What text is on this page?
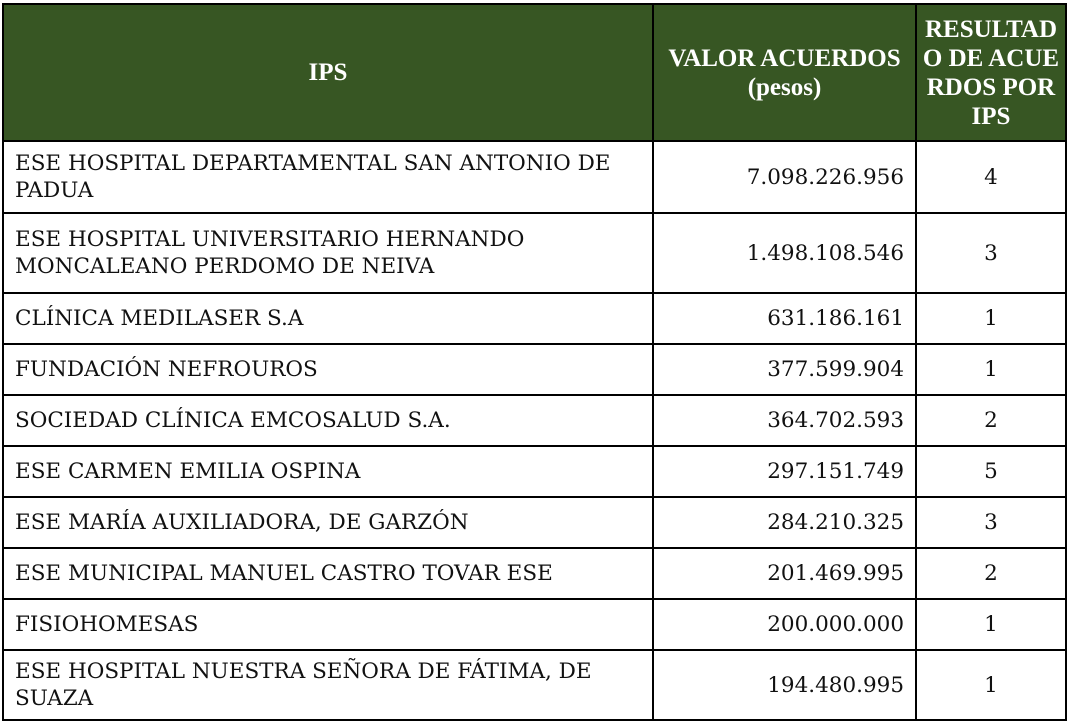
IPS	VALOR ACUERDOS (pesos)	RESULTADO DE ACUERDOS POR IPS
ESE HOSPITAL DEPARTAMENTAL SAN ANTONIO DE PADUA	7.098.226.956	4
ESE HOSPITAL UNIVERSITARIO HERNANDO MONCALEANO PERDOMO DE NEIVA	1.498.108.546	3
CLÍNICA MEDILASER S.A	631.186.161	1
FUNDACIÓN NEFROUROS	377.599.904	1
SOCIEDAD CLÍNICA EMCOSALUD S.A.	364.702.593	2
ESE CARMEN EMILIA OSPINA	297.151.749	5
ESE MARÍA AUXILIADORA, DE GARZÓN	284.210.325	3
ESE MUNICIPAL MANUEL CASTRO TOVAR ESE	201.469.995	2
FISIOHOMESAS	200.000.000	1
ESE HOSPITAL NUESTRA SEÑORA DE FÁTIMA, DE SUAZA	194.480.995	1
